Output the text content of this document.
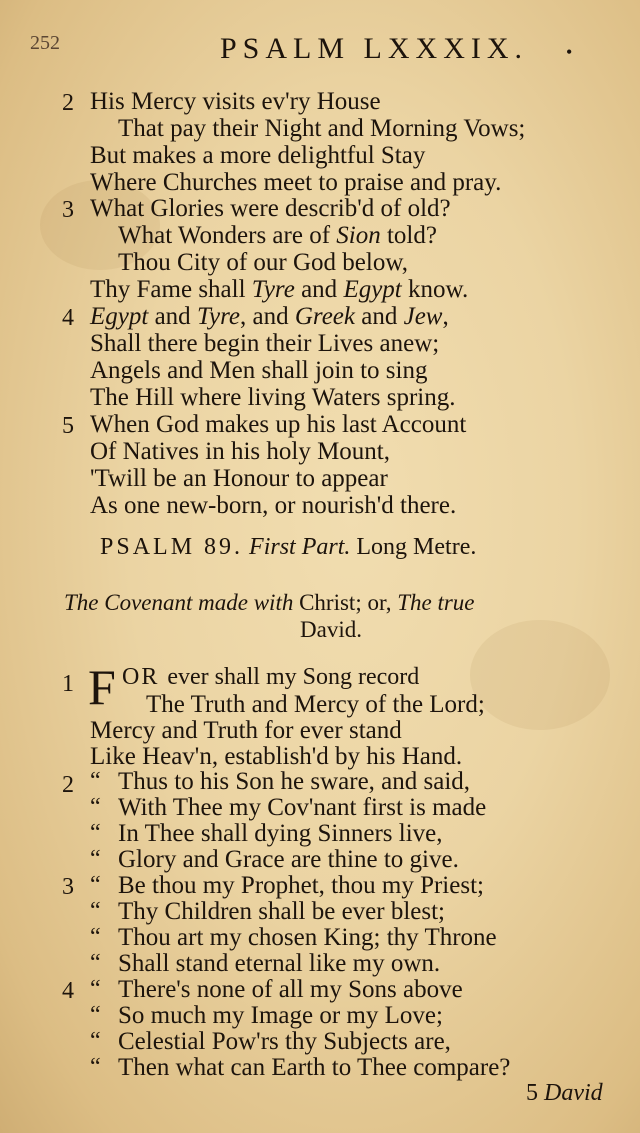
252	PSALM LXXXIX. •
2 His Mercy visits ev'ry House
That pay their Night and Morning Vows;
But makes a more delightful Stay
Where Churches meet to praise and pray.
3 What Glories were describ'd of old?
What Wonders are of Sion told?
Thou City of our God below,
Thy Fame shall Tyre and Egypt know.
4 Egypt and Tyre, and Greek and Jew,
Shall there begin their Lives anew;
Angels and Men shall join to sing
The Hill where living Waters spring.
5 When God makes up his last Account
Of Natives in his holy Mount,
'Twill be an Honour to appear
As one new-born, or nourish'd there.
PSALM 89. First Part. Long Metre.
The Covenant made with Christ; or, The true
David.
1 F OR ever shall my Song record
The Truth and Mercy of the Lord;
Mercy and Truth for ever stand
Like Heav'n, establish'd by his Hand.
2 “ Thus to his Son he sware, and said,
“ With Thee my Cov'nant first is made
“ In Thee shall dying Sinners live,
“ Glory and Grace are thine to give.
3 “ Be thou my Prophet, thou my Priest;
“ Thy Children shall be ever blest;
“ Thou art my chosen King; thy Throne
“ Shall stand eternal like my own.
4 “ There's none of all my Sons above
“ So much my Image or my Love;
“ Celestial Pow'rs thy Subjects are,
“ Then what can Earth to Thee compare?
5 David
